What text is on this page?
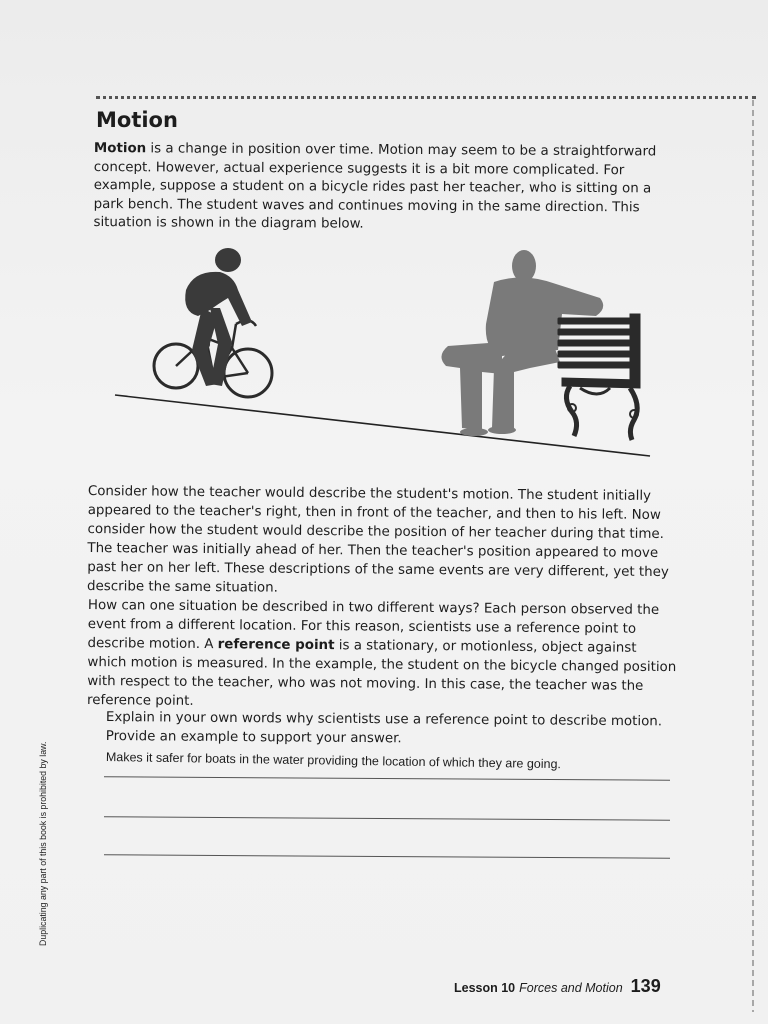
Motion

Motion is a change in position over time. Motion may seem to be a straightforward concept. However, actual experience suggests it is a bit more complicated. For example, suppose a student on a bicycle rides past her teacher, who is sitting on a park bench. The student waves and continues moving in the same direction. This situation is shown in the diagram below.

Consider how the teacher would describe the student's motion. The student initially appeared to the teacher's right, then in front of the teacher, and then to his left. Now consider how the student would describe the position of her teacher during that time. The teacher was initially ahead of her. Then the teacher's position appeared to move past her on her left. These descriptions of the same events are very different, yet they describe the same situation.

How can one situation be described in two different ways? Each person observed the event from a different location. For this reason, scientists use a reference point to describe motion. A reference point is a stationary, or motionless, object against which motion is measured. In the example, the student on the bicycle changed position with respect to the teacher, who was not moving. In this case, the teacher was the reference point.

Explain in your own words why scientists use a reference point to describe motion. Provide an example to support your answer.

Makes it safer for boats in the water providing the location of which they are going.

Duplicating any part of this book is prohibited by law.
Lesson 10 Forces and Motion 139
